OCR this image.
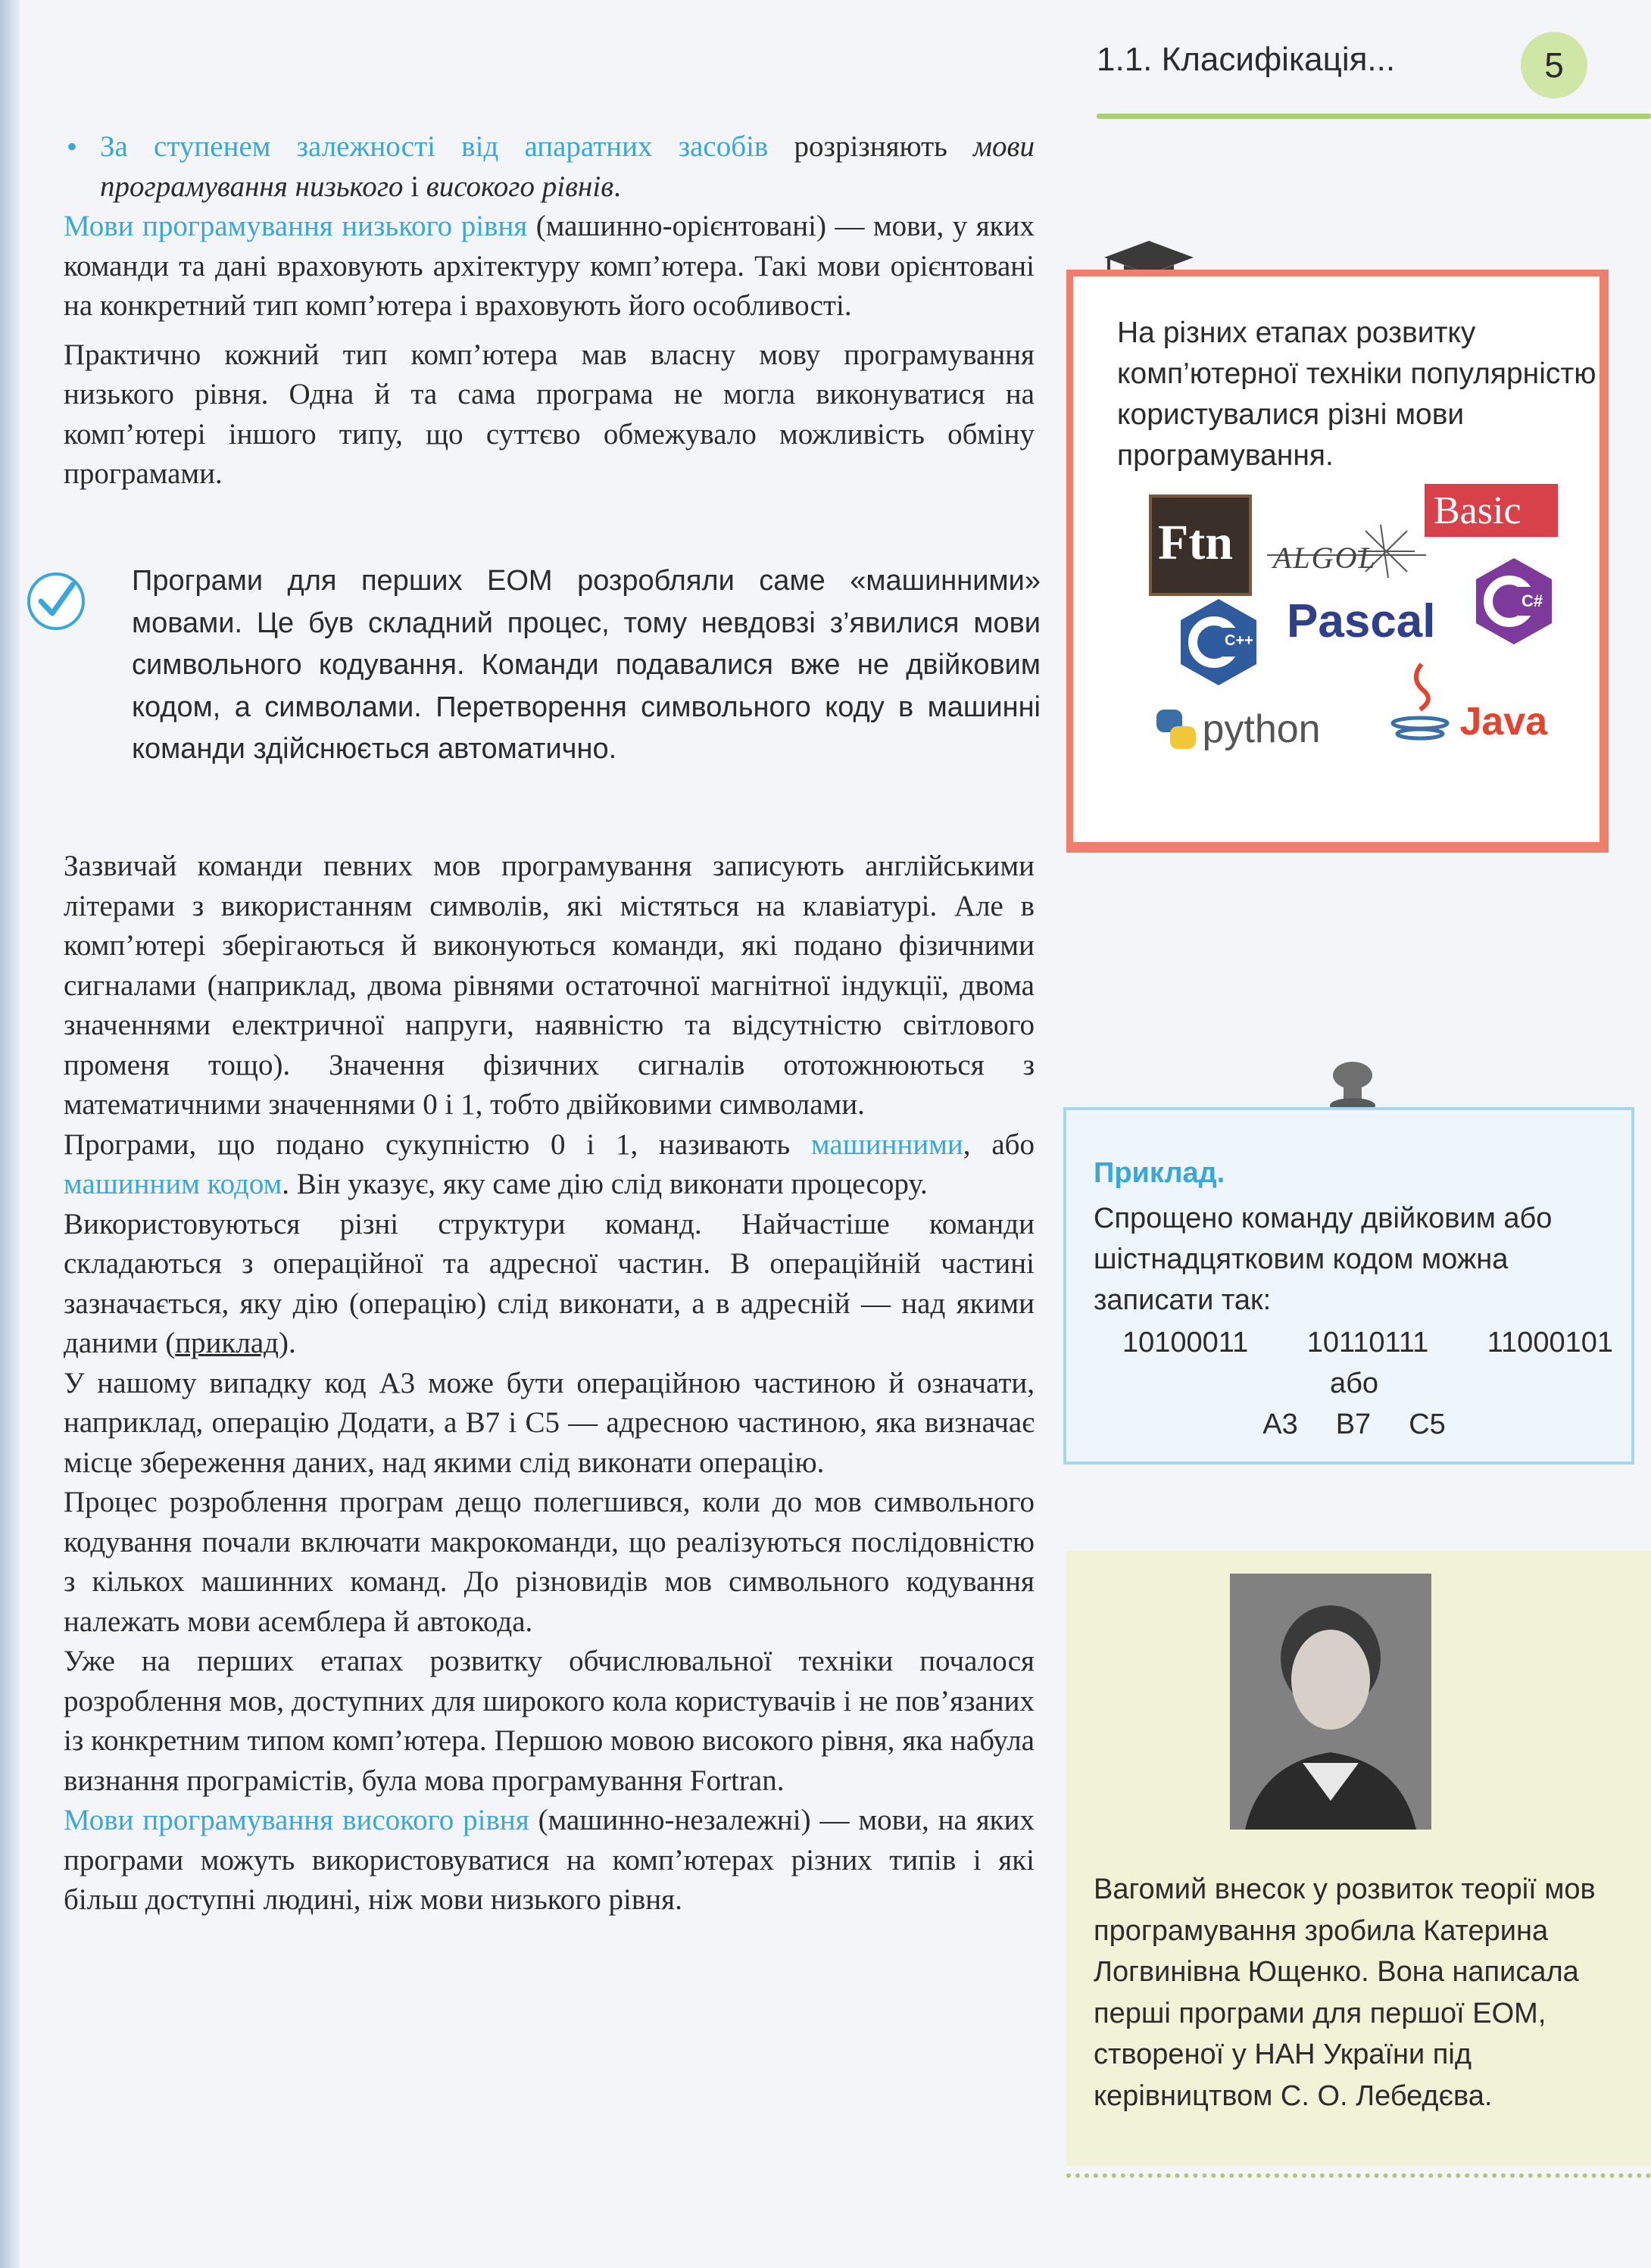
1.1. Класифікація...	5

• За ступенем залежності від апаратних засобів розрізняють мови програмування низького і високого рівнів.

Мови програмування низького рівня (машинно-орієнтовані) — мови, у яких команди та дані враховують архітектуру комп’ютера. Такі мови орієнтовані на конкретний тип комп’ютера і враховують його особливості.

Практично кожний тип комп’ютера мав власну мову програмування низького рівня. Одна й та сама програма не могла виконуватися на комп’ютері іншого типу, що суттєво обмежувало можливість обміну програмами.

Програми для перших ЕОМ розробляли саме «машинними» мовами. Це був складний процес, тому невдовзі з’явилися мови символьного кодування. Команди подавалися вже не двійковим кодом, а символами. Перетворення символьного коду в машинні команди здійснюється автоматично.

Зазвичай команди певних мов програмування записують англійськими літерами з використанням символів, які містяться на клавіатурі. Але в комп’ютері зберігаються й виконуються команди, які подано фізичними сигналами (наприклад, двома рівнями остаточної магнітної індукції, двома значеннями електричної напруги, наявністю та відсутністю світлового променя тощо). Значення фізичних сигналів ототожнюються з математичними значеннями 0 і 1, тобто двійковими символами.

Програми, що подано сукупністю 0 і 1, називають машинними, або машинним кодом. Він указує, яку саме дію слід виконати процесору.

Використовуються різні структури команд. Найчастіше команди складаються з операційної та адресної частин. В операційній частині зазначається, яку дію (операцію) слід виконати, а в адресній — над якими даними (приклад).

У нашому випадку код A3 може бути операційною частиною й означати, наприклад, операцію Додати, а B7 і C5 — адресною частиною, яка визначає місце збереження даних, над якими слід виконати операцію.

Процес розроблення програм дещо полегшився, коли до мов символьного кодування почали включати макрокоманди, що реалізуються послідовністю з кількох машинних команд. До різновидів мов символьного кодування належать мови асемблера й автокода.

Уже на перших етапах розвитку обчислювальної техніки почалося розроблення мов, доступних для широкого кола користувачів і не пов’язаних із конкретним типом комп’ютера. Першою мовою високого рівня, яка набула визнання програмістів, була мова програмування Fortran.

Мови програмування високого рівня (машинно-незалежні) — мови, на яких програми можуть використовуватися на комп’ютерах різних типів і які більш доступні людині, ніж мови низького рівня.

На різних етапах розвитку комп’ютерної техніки популярністю користувалися різні мови програмування.
Ftn ALGOL
Basic
C#
Pascal
C++
python	Java
Приклад.
Спрощено команду двійковим або шістнадцятковим кодом можна записати так:
10100011 10110111 11000101
або
A3 B7 C5
Вагомий внесок у розвиток теорії мов програмування зробила Катерина Логвинівна Ющенко. Вона написала перші програми для першої ЕОМ, створеної у НАН України під керівництвом С. О. Лебедєва.
